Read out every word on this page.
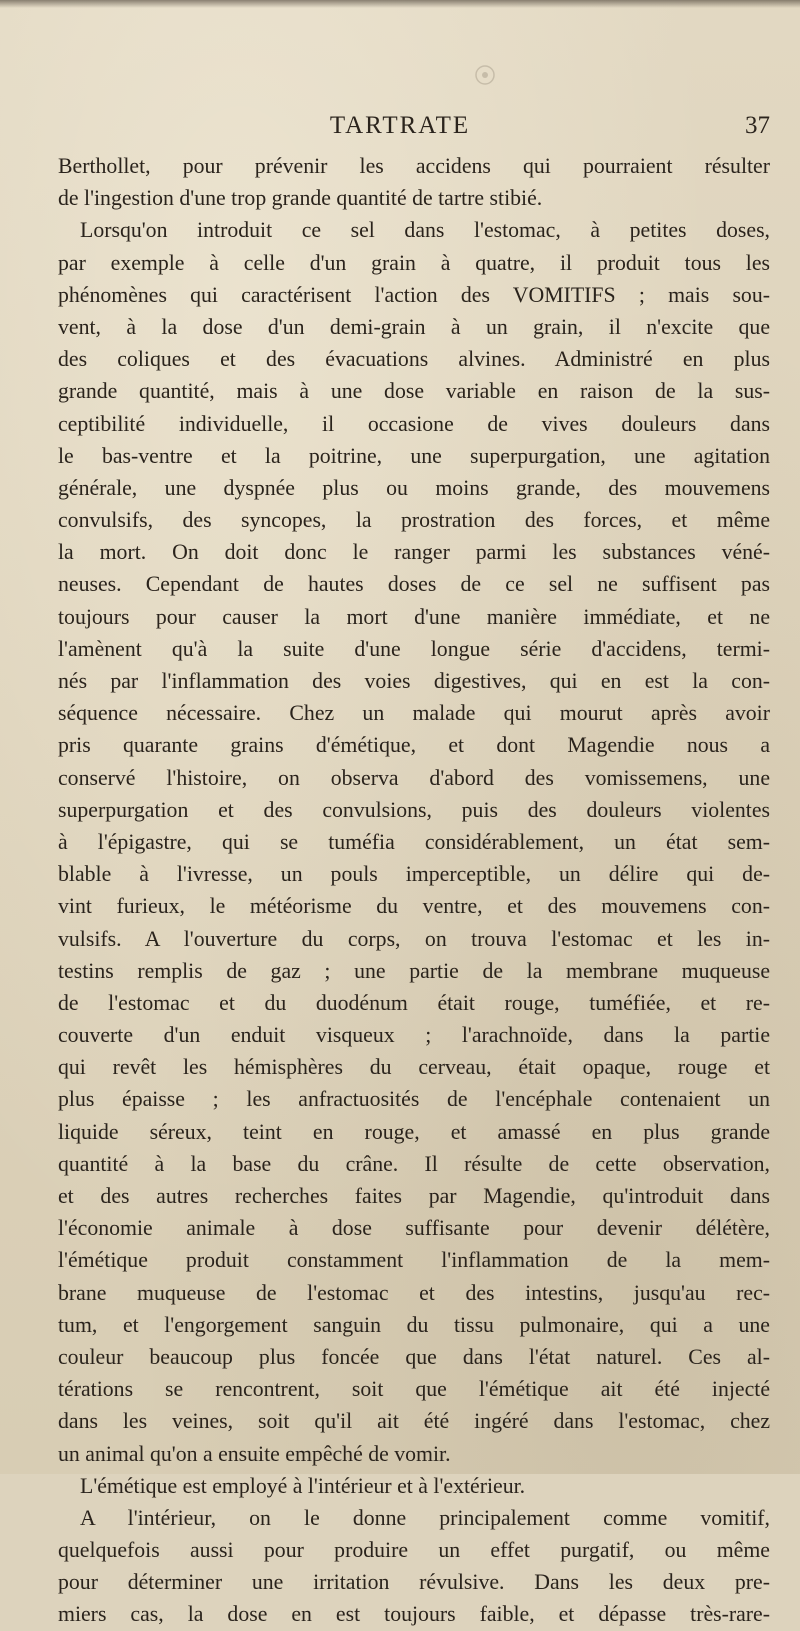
TARTRATE	37
Berthollet, pour prévenir les accidens qui pourraient résulter
de l'ingestion d'une trop grande quantité de tartre stibié.
Lorsqu'on introduit ce sel dans l'estomac, à petites doses,
par exemple à celle d'un grain à quatre, il produit tous les
phénomènes qui caractérisent l'action des VOMITIFS ; mais sou-
vent, à la dose d'un demi-grain à un grain, il n'excite que
des coliques et des évacuations alvines. Administré en plus
grande quantité, mais à une dose variable en raison de la sus-
ceptibilité individuelle, il occasione de vives douleurs dans
le bas-ventre et la poitrine, une superpurgation, une agitation
générale, une dyspnée plus ou moins grande, des mouvemens
convulsifs, des syncopes, la prostration des forces, et même
la mort. On doit donc le ranger parmi les substances véné-
neuses. Cependant de hautes doses de ce sel ne suffisent pas
toujours pour causer la mort d'une manière immédiate, et ne
l'amènent qu'à la suite d'une longue série d'accidens, termi-
nés par l'inflammation des voies digestives, qui en est la con-
séquence nécessaire. Chez un malade qui mourut après avoir
pris quarante grains d'émétique, et dont Magendie nous a
conservé l'histoire, on observa d'abord des vomissemens, une
superpurgation et des convulsions, puis des douleurs violentes
à l'épigastre, qui se tuméfia considérablement, un état sem-
blable à l'ivresse, un pouls imperceptible, un délire qui de-
vint furieux, le météorisme du ventre, et des mouvemens con-
vulsifs. A l'ouverture du corps, on trouva l'estomac et les in-
testins remplis de gaz ; une partie de la membrane muqueuse
de l'estomac et du duodénum était rouge, tuméfiée, et re-
couverte d'un enduit visqueux ; l'arachnoïde, dans la partie
qui revêt les hémisphères du cerveau, était opaque, rouge et
plus épaisse ; les anfractuosités de l'encéphale contenaient un
liquide séreux, teint en rouge, et amassé en plus grande
quantité à la base du crâne. Il résulte de cette observation,
et des autres recherches faites par Magendie, qu'introduit dans
l'économie animale à dose suffisante pour devenir délétère,
l'émétique produit constamment l'inflammation de la mem-
brane muqueuse de l'estomac et des intestins, jusqu'au rec-
tum, et l'engorgement sanguin du tissu pulmonaire, qui a une
couleur beaucoup plus foncée que dans l'état naturel. Ces al-
térations se rencontrent, soit que l'émétique ait été injecté
dans les veines, soit qu'il ait été ingéré dans l'estomac, chez
un animal qu'on a ensuite empêché de vomir.
L'émétique est employé à l'intérieur et à l'extérieur.
A l'intérieur, on le donne principalement comme vomitif,
quelquefois aussi pour produire un effet purgatif, ou même
pour déterminer une irritation révulsive. Dans les deux pre-
miers cas, la dose en est toujours faible, et dépasse très-rare-
